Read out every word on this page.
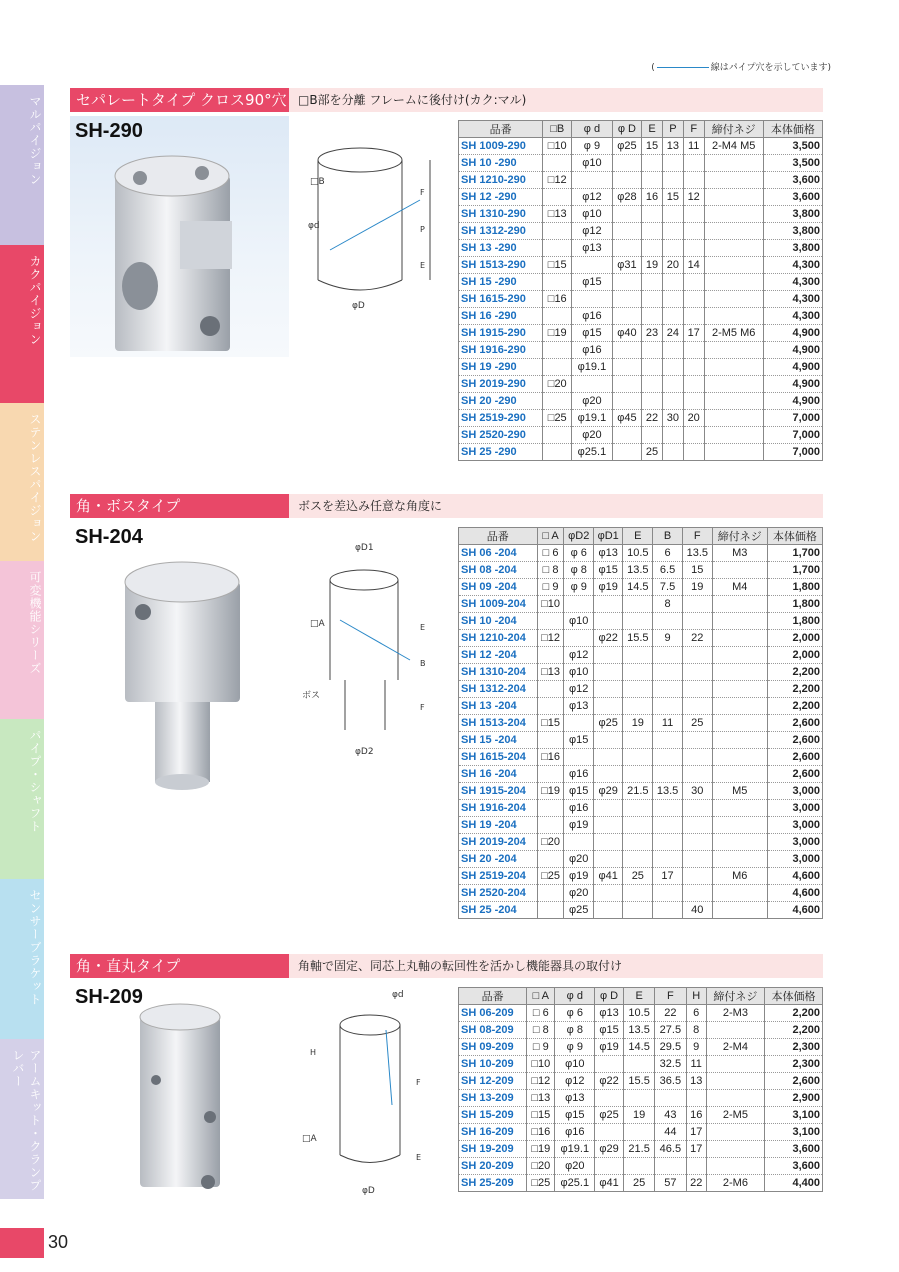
(	線はパイプ穴を示しています)
マルパイジョン
カクパイジョン
ステンレスパイジョン
可変機能シリーズ
パイプ・シャフト
センサーブラケット
アームキット・クランプレバー
セパレートタイプ クロス90°穴 □B部を分離 フレームに後付け(カク:マル)
SH-290
□B
φd
φD
F
P
E
品番	□B	φ d	φ D	E	P	F	締付ネジ	本体価格
SH 1009-290	□10	φ 9	φ25	15	13	11	2-M4 M5	3,500
SH 10 -290		φ10						3,500
SH 1210-290	□12							3,600
SH 12 -290		φ12	φ28	16	15	12		3,600
SH 1310-290	□13	φ10						3,800
SH 1312-290		φ12						3,800
SH 13 -290		φ13						3,800
SH 1513-290	□15		φ31	19	20	14		4,300
SH 15 -290		φ15						4,300
SH 1615-290	□16							4,300
SH 16 -290		φ16						4,300
SH 1915-290	□19	φ15	φ40	23	24	17	2-M5 M6	4,900
SH 1916-290		φ16						4,900
SH 19 -290		φ19.1						4,900
SH 2019-290	□20							4,900
SH 20 -290		φ20						4,900
SH 2519-290	□25	φ19.1	φ45	22	30	20		7,000
SH 2520-290		φ20						7,000
SH 25 -290		φ25.1		25				7,000
角・ボスタイプ	ボスを差込み任意な角度に
SH-204	φD1
□A
ボス
φD2
E
B
F
品番	□ A	φD2	φD1	E	B	F	締付ネジ	本体価格
SH 06 -204	□ 6	φ 6	φ13	10.5	6	13.5	M3	1,700
SH 08 -204	□ 8	φ 8	φ15	13.5	6.5	15		1,700
SH 09 -204	□ 9	φ 9	φ19	14.5	7.5	19	M4	1,800
SH 1009-204	□10				8			1,800
SH 10 -204		φ10						1,800
SH 1210-204	□12		φ22	15.5	9	22		2,000
SH 12 -204		φ12						2,000
SH 1310-204	□13	φ10						2,200
SH 1312-204		φ12						2,200
SH 13 -204		φ13						2,200
SH 1513-204	□15		φ25	19	11	25		2,600
SH 15 -204		φ15						2,600
SH 1615-204	□16							2,600
SH 16 -204		φ16						2,600
SH 1915-204	□19	φ15	φ29	21.5	13.5	30	M5	3,000
SH 1916-204		φ16						3,000
SH 19 -204		φ19						3,000
SH 2019-204	□20							3,000
SH 20 -204		φ20						3,000
SH 2519-204	□25	φ19	φ41	25	17		M6	4,600
SH 2520-204		φ20						4,600
SH 25 -204		φ25				40		4,600
角・直丸タイプ	角軸で固定、同芯上丸軸の転回性を活かし機能器具の取付け
SH-209	φd
H
F
□A
E
φD
品番	□ A	φ d	φ D	E	F	H	締付ネジ	本体価格
SH 06-209	□ 6	φ 6	φ13	10.5	22	6	2-M3	2,200
SH 08-209	□ 8	φ 8	φ15	13.5	27.5	8		2,200
SH 09-209	□ 9	φ 9	φ19	14.5	29.5	9	2-M4	2,300
SH 10-209	□10	φ10			32.5	11		2,300
SH 12-209	□12	φ12	φ22	15.5	36.5	13		2,600
SH 13-209	□13	φ13						2,900
SH 15-209	□15	φ15	φ25	19	43	16	2-M5	3,100
SH 16-209	□16	φ16			44	17		3,100
SH 19-209	□19	φ19.1	φ29	21.5	46.5	17		3,600
SH 20-209	□20	φ20						3,600
SH 25-209	□25	φ25.1	φ41	25	57	22	2-M6	4,400
30
